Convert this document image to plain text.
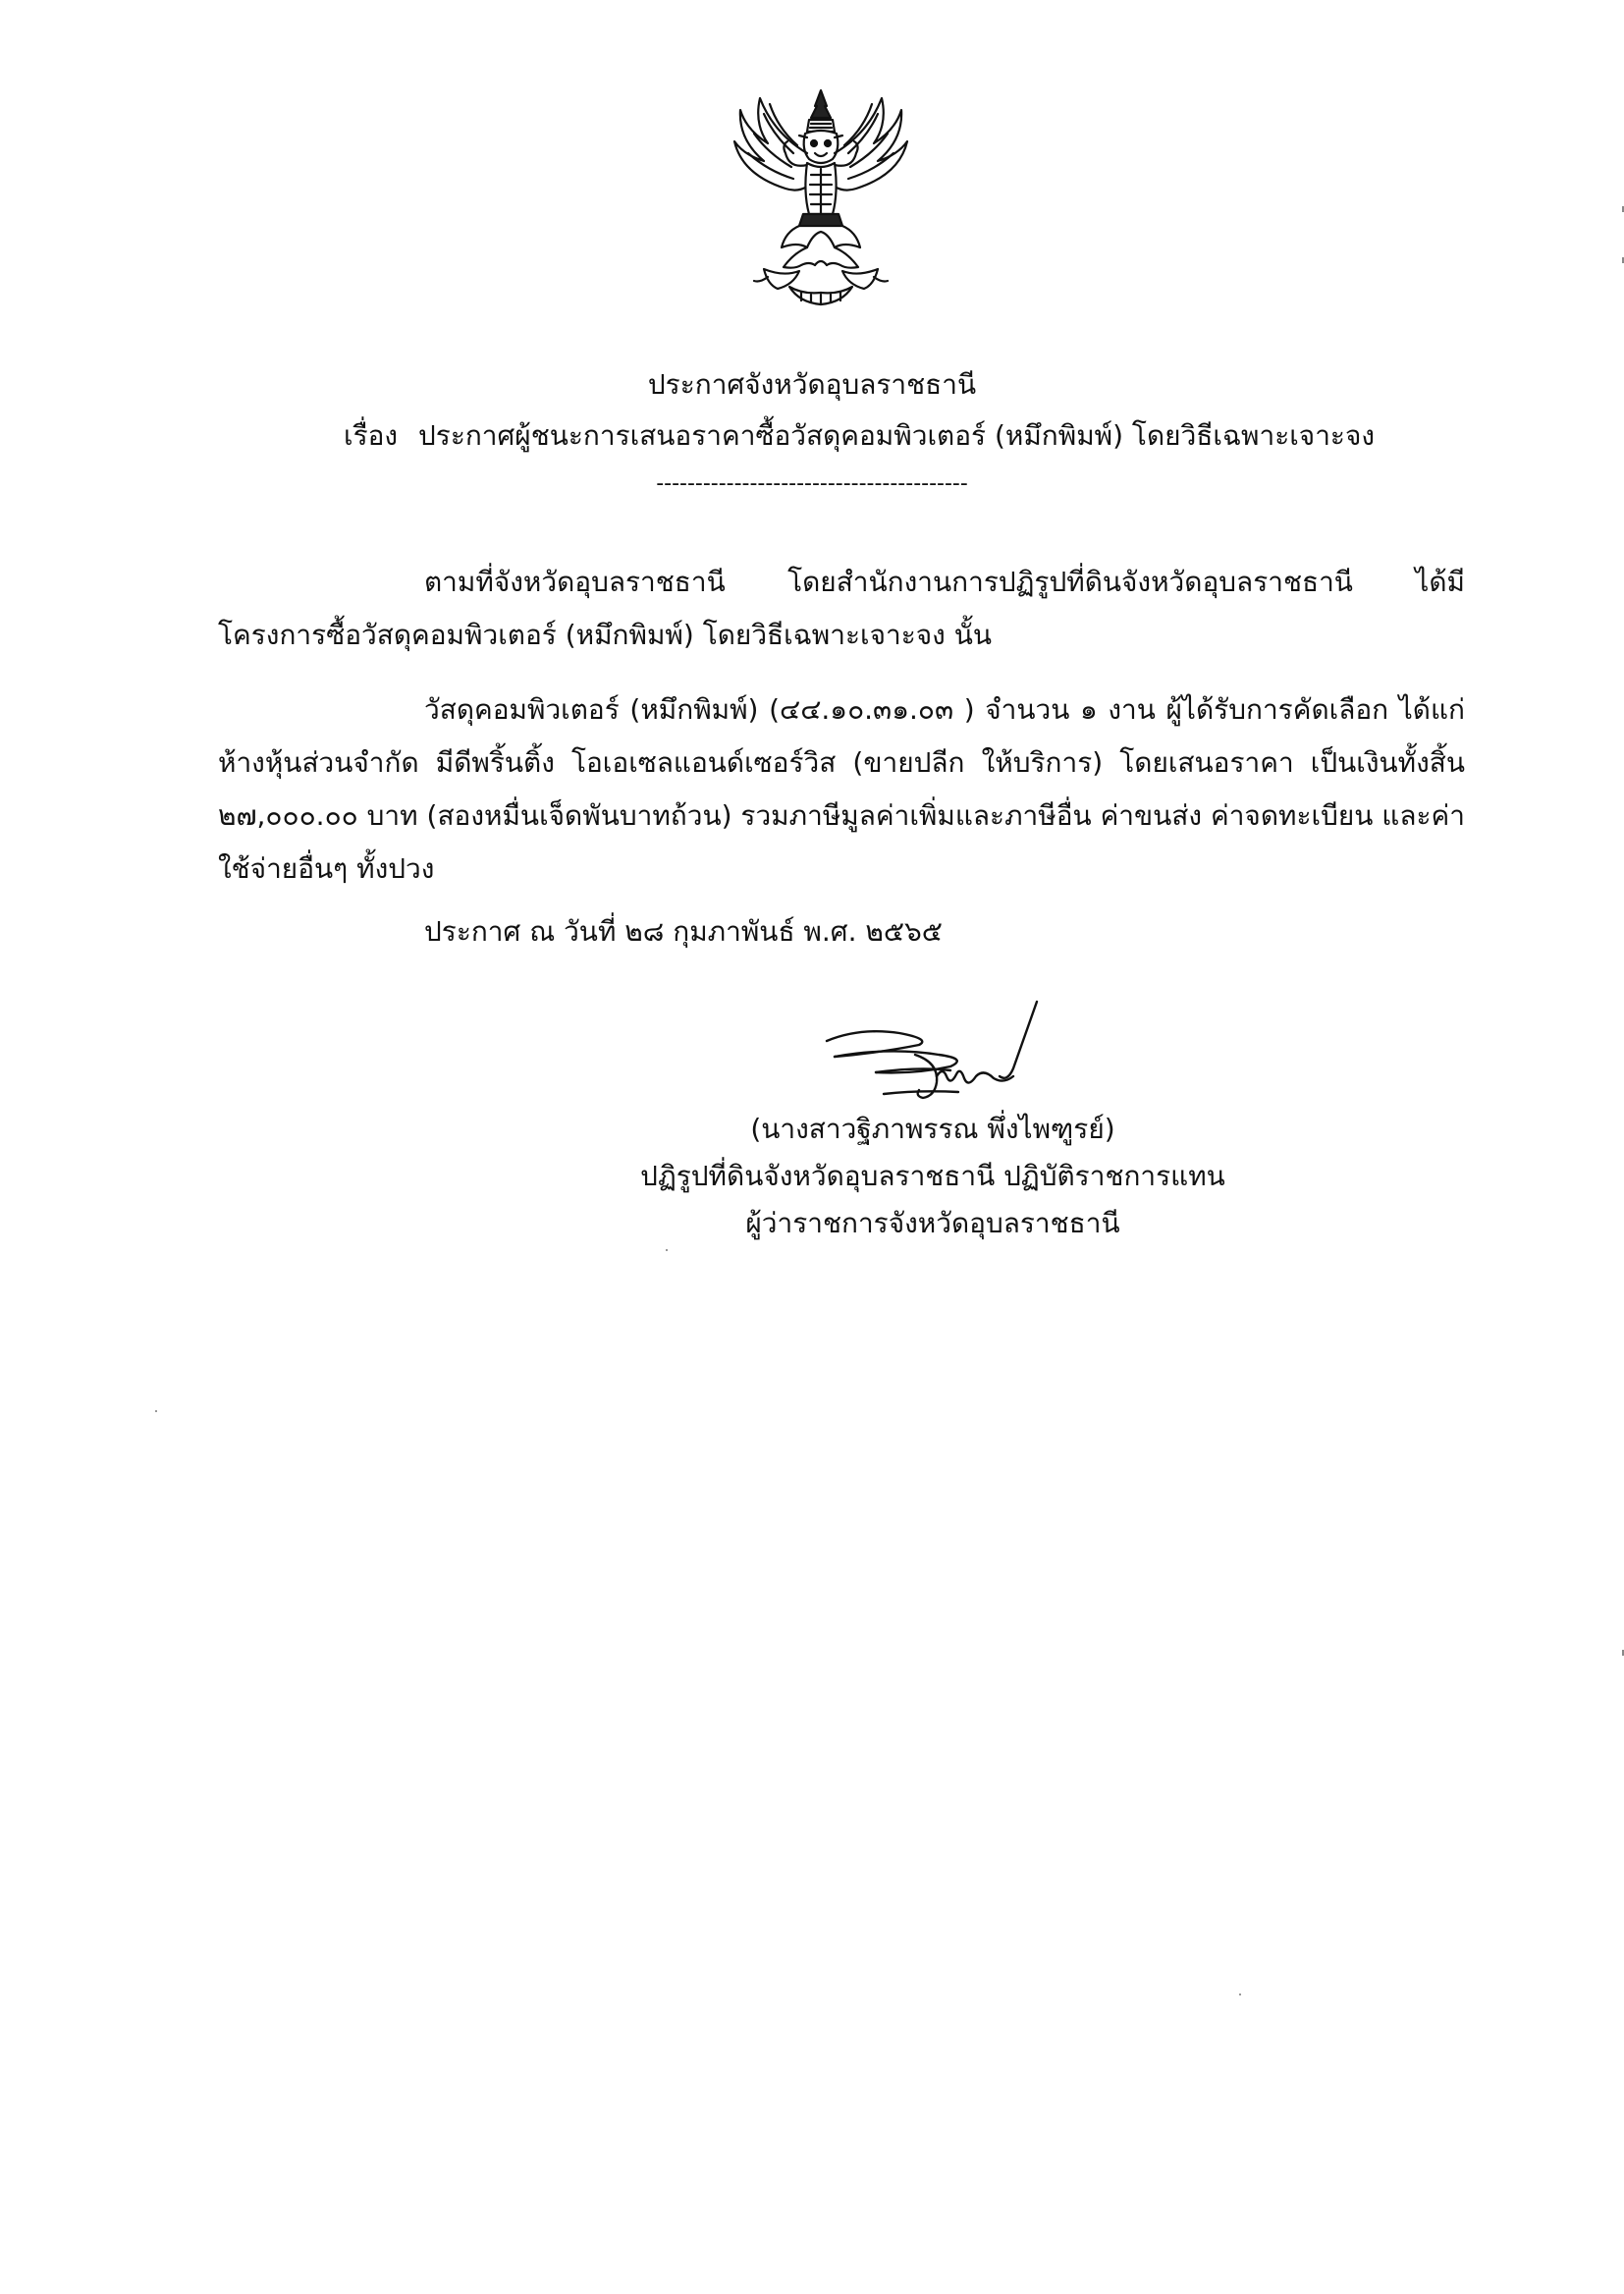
ประกาศจังหวัดอุบลราชธานี
เรื่อง ประกาศผู้ชนะการเสนอราคาซื้อวัสดุคอมพิวเตอร์ (หมึกพิมพ์) โดยวิธีเฉพาะเจาะจง
----------------------------------------
ตามที่จังหวัดอุบลราชธานี โดยสำนักงานการปฏิรูปที่ดินจังหวัดอุบลราชธานี ได้มีโครงการซื้อวัสดุคอมพิวเตอร์ (หมึกพิมพ์) โดยวิธีเฉพาะเจาะจง นั้น
วัสดุคอมพิวเตอร์ (หมึกพิมพ์) (๔๔.๑๐.๓๑.๐๓ ) จำนวน ๑ งาน ผู้ได้รับการคัดเลือก ได้แก่ ห้างหุ้นส่วนจำกัด มีดีพริ้นติ้ง โอเอเซลแอนด์เซอร์วิส (ขายปลีก ให้บริการ) โดยเสนอราคา เป็นเงินทั้งสิ้น ๒๗,๐๐๐.๐๐ บาท (สองหมื่นเจ็ดพันบาทถ้วน) รวมภาษีมูลค่าเพิ่มและภาษีอื่น ค่าขนส่ง ค่าจดทะเบียน และค่าใช้จ่ายอื่นๆ ทั้งปวง
ประกาศ ณ วันที่ ๒๘ กุมภาพันธ์ พ.ศ. ๒๕๖๕
(นางสาวฐิภาพรรณ พึ่งไพฑูรย์)
ปฏิรูปที่ดินจังหวัดอุบลราชธานี ปฏิบัติราชการแทน
ผู้ว่าราชการจังหวัดอุบลราชธานี
